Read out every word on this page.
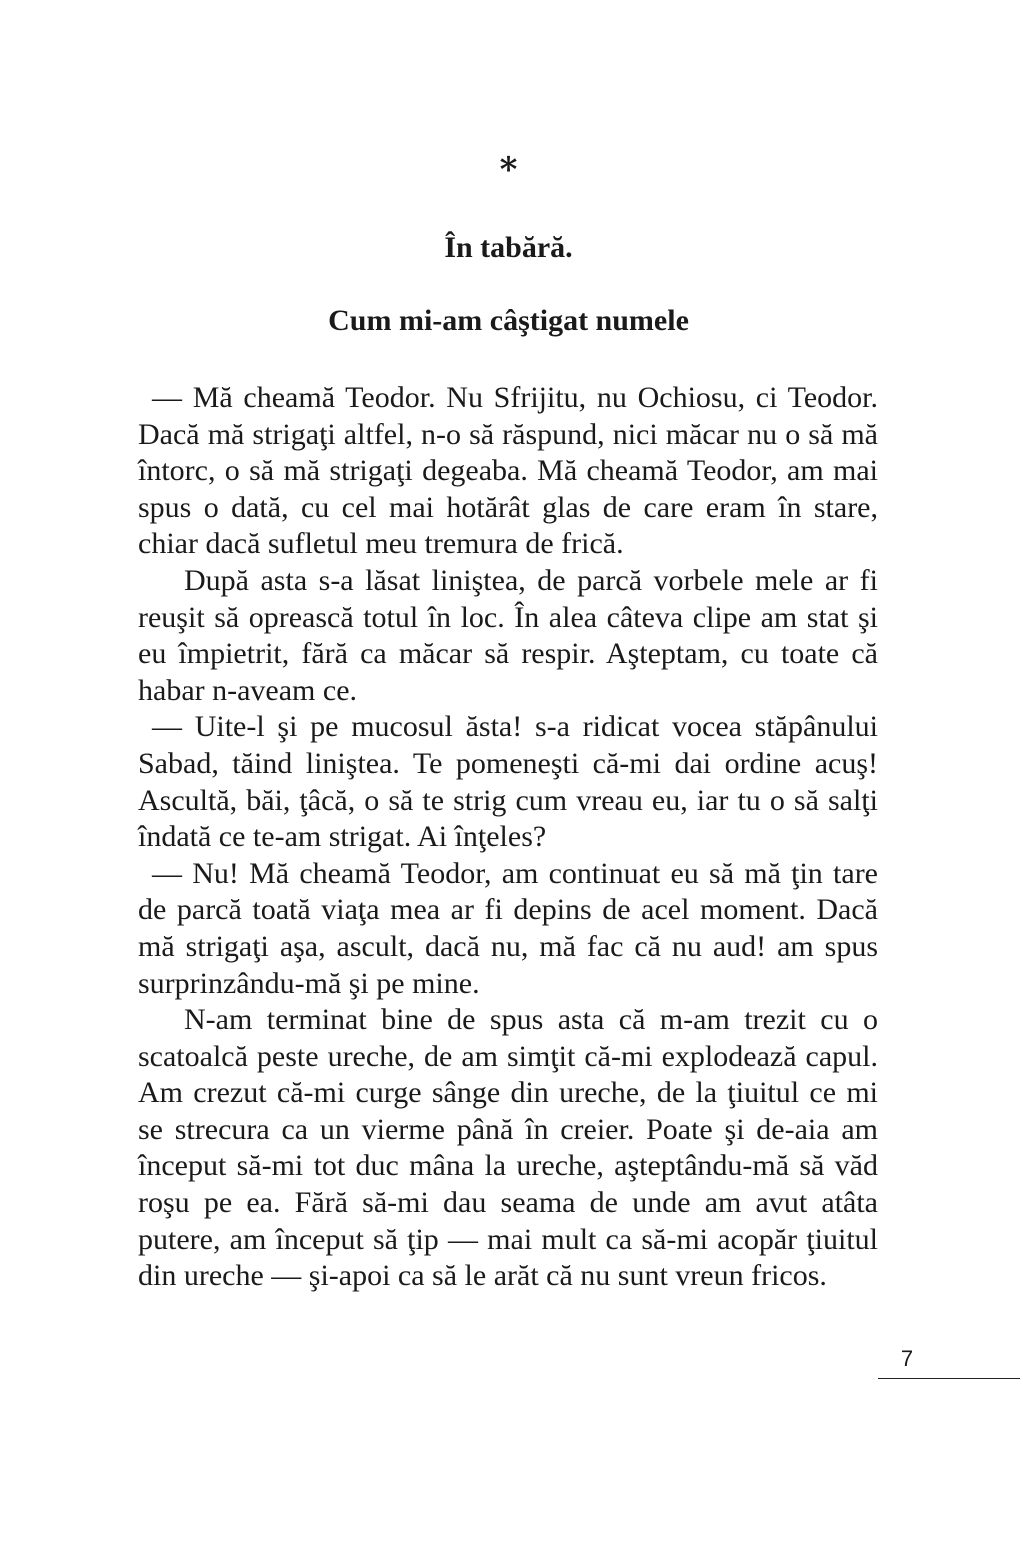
*
În tabără.
Cum mi-am câştigat numele

— Mă cheamă Teodor. Nu Sfrijitu, nu Ochiosu, ci Teodor. Dacă mă strigaţi altfel, n-o să răspund, nici măcar nu o să mă întorc, o să mă strigaţi degeaba. Mă cheamă Teodor, am mai spus o dată, cu cel mai hotărât glas de care eram în stare, chiar dacă sufletul meu tremura de frică.

După asta s-a lăsat liniştea, de parcă vorbele mele ar fi reuşit să oprească totul în loc. În alea câteva clipe am stat şi eu împietrit, fără ca măcar să respir. Aşteptam, cu toate că habar n-aveam ce.

— Uite-l şi pe mucosul ăsta! s-a ridicat vocea stăpânului Sabad, tăind liniştea. Te pomeneşti că-mi dai ordine acuş! Ascultă, băi, ţâcă, o să te strig cum vreau eu, iar tu o să salţi îndată ce te-am strigat. Ai înţeles?

— Nu! Mă cheamă Teodor, am continuat eu să mă ţin tare de parcă toată viaţa mea ar fi depins de acel moment. Dacă mă strigaţi aşa, ascult, dacă nu, mă fac că nu aud! am spus surprinzându-mă şi pe mine.

N-am terminat bine de spus asta că m-am trezit cu o scatoalcă peste ureche, de am simţit că-mi explodează capul. Am crezut că-mi curge sânge din ureche, de la ţiuitul ce mi se strecura ca un vierme până în creier. Poate şi de-aia am început să-mi tot duc mâna la ureche, aşteptându-mă să văd roşu pe ea. Fără să-mi dau seama de unde am avut atâta putere, am început să ţip — mai mult ca să-mi acopăr ţiuitul din ureche — şi-apoi ca să le arăt că nu sunt vreun fricos.

7
